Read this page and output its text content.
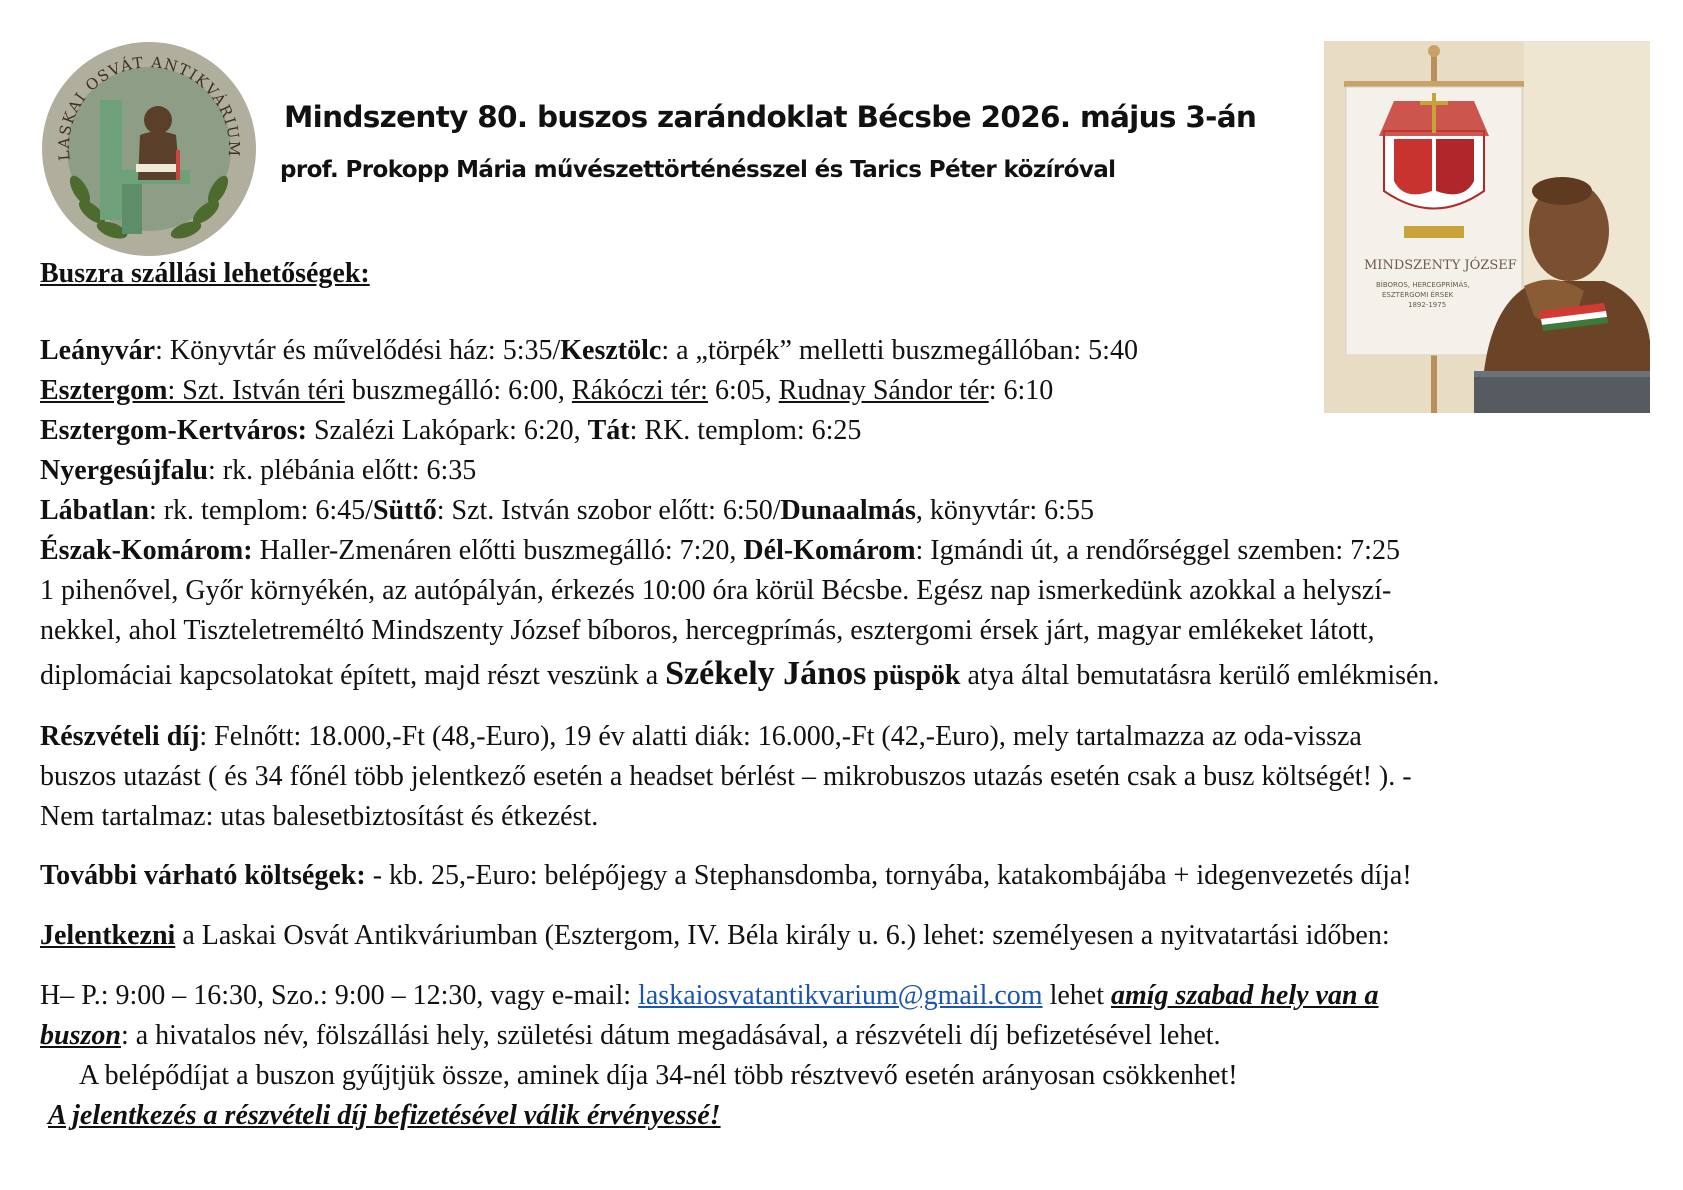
LASKAI OSVÁT ANTIKVÁRIUM
Mindszenty 80. buszos zarándoklat Bécsbe 2026. május 3-án
prof. Prokopp Mária művészettörténésszel és Tarics Péter közíróval
MINDSZENTY JÓZSEF
BÍBOROS, HERCEGPRÍMÁS,
ESZTERGOMI ÉRSEK
1892-1975
Buszra szállási lehetőségek:
Leányvár: Könyvtár és művelődési ház: 5:35/Kesztölc: a „törpék” melletti buszmegállóban: 5:40
Esztergom: Szt. István téri buszmegálló: 6:00, Rákóczi tér: 6:05, Rudnay Sándor tér: 6:10
Esztergom-Kertváros: Szalézi Lakópark: 6:20, Tát: RK. templom: 6:25
Nyergesújfalu: rk. plébánia előtt: 6:35
Lábatlan: rk. templom: 6:45/Süttő: Szt. István szobor előtt: 6:50/Dunaalmás, könyvtár: 6:55
Észak-Komárom: Haller-Zmenáren előtti buszmegálló: 7:20, Dél-Komárom: Igmándi út, a rendőrséggel szemben: 7:25
1 pihenővel, Győr környékén, az autópályán, érkezés 10:00 óra körül Bécsbe. Egész nap ismerkedünk azokkal a helyszí-
nekkel, ahol Tiszteletreméltó Mindszenty József bíboros, hercegprímás, esztergomi érsek járt, magyar emlékeket látott,
diplomáciai kapcsolatokat épített, majd részt veszünk a Székely János püspök atya által bemutatásra kerülő emlékmisén.
Részvételi díj: Felnőtt: 18.000,-Ft (48,-Euro), 19 év alatti diák: 16.000,-Ft (42,-Euro), mely tartalmazza az oda-vissza
buszos utazást ( és 34 főnél több jelentkező esetén a headset bérlést – mikrobuszos utazás esetén csak a busz költségét! ). -
Nem tartalmaz: utas balesetbiztosítást és étkezést.
További várható költségek: - kb. 25,-Euro: belépőjegy a Stephansdomba, tornyába, katakombájába + idegenvezetés díja!
Jelentkezni a Laskai Osvát Antikváriumban (Esztergom, IV. Béla király u. 6.) lehet: személyesen a nyitvatartási időben:
H– P.: 9:00 – 16:30, Szo.: 9:00 – 12:30, vagy e-mail: laskaiosvatantikvarium@gmail.com lehet amíg szabad hely van a
buszon: a hivatalos név, fölszállási hely, születési dátum megadásával, a részvételi díj befizetésével lehet.
A belépődíjat a buszon gyűjtjük össze, aminek díja 34-nél több résztvevő esetén arányosan csökkenhet!
A jelentkezés a részvételi díj befizetésével válik érvényessé!
